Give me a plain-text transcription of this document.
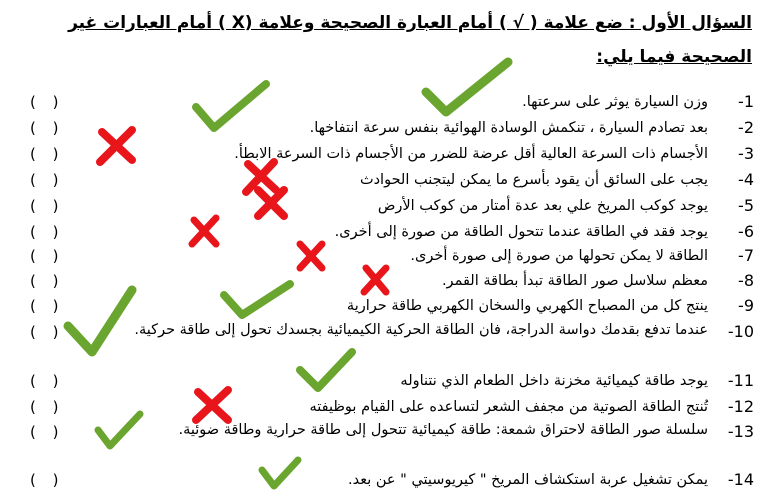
السؤال الأول : ضع علامة ( √ ) أمام العبارة الصحيحة وعلامة (X ) أمام العبارات غير
الصحيحة فيما يلي:
-1
وزن السيارة يوثر على سرعتها.
( )
-2
بعد تصادم السيارة ، تنكمش الوسادة الهوائية بنفس سرعة انتفاخها.
( )
-3
الأجسام ذات السرعة العالية أقل عرضة للضرر من الأجسام ذات السرعة الابطأ.
( )
-4
يجب على السائق أن يقود بأسرع ما يمكن ليتجنب الحوادث
( )
-5
يوجد كوكب المريخ علي بعد عدة أمتار من كوكب الأرض
( )
-6
يوجد فقد في الطاقة عندما تتحول الطاقة من صورة إلى أخرى.
( )
-7
الطاقة لا يمكن تحولها من صورة إلى صورة أخرى.
( )
-8
معظم سلاسل صور الطاقة تبدأ بطاقة القمر.
( )
-9
ينتج كل من المصباح الكهربي والسخان الكهربي طاقة حرارية
( )
-10
عندما تدفع بقدمك دواسة الدراجة، فان الطاقة الحركية الكيميائية بجسدك تحول إلى طاقة حركية.
( )
-11
يوجد طاقة كيميائية مخزنة داخل الطعام الذي نتناوله
( )
-12
تُنتج الطاقة الصوتية من مجفف الشعر لتساعده على القيام بوظيفته
( )
-13
سلسلة صور الطاقة لاحتراق شمعة: طاقة كيميائية تتحول إلى طاقة حرارية وطاقة ضوئية.
( )
-14
يمكن تشغيل عربة استكشاف المريخ " كيريوسيتي " عن بعد.
( )
